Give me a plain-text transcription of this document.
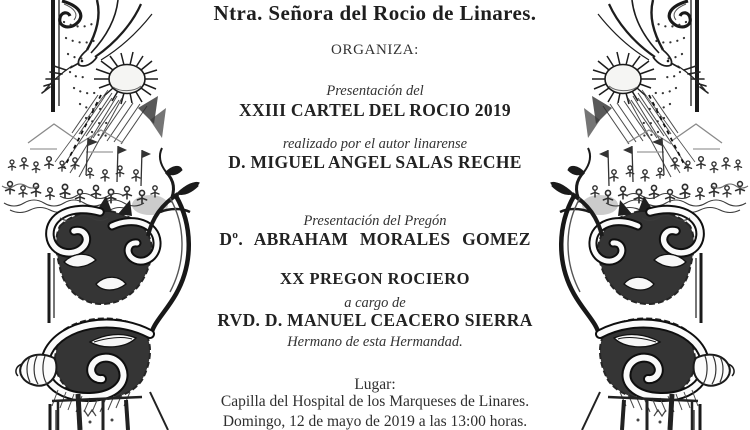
Ntra. Señora del Rocio de Linares.
ORGANIZA:
Presentación del
XXIII CARTEL DEL ROCIO 2019
realizado por el autor linarense
D. MIGUEL ANGEL SALAS RECHE
Presentación del Pregón
Dº. ABRAHAM MORALES GOMEZ
XX PREGON ROCIERO
a cargo de
RVD. D. MANUEL CEACERO SIERRA
Hermano de esta Hermandad.
Lugar:
Capilla del Hospital de los Marqueses de Linares.
Domingo, 12 de mayo de 2019 a las 13:00 horas.
